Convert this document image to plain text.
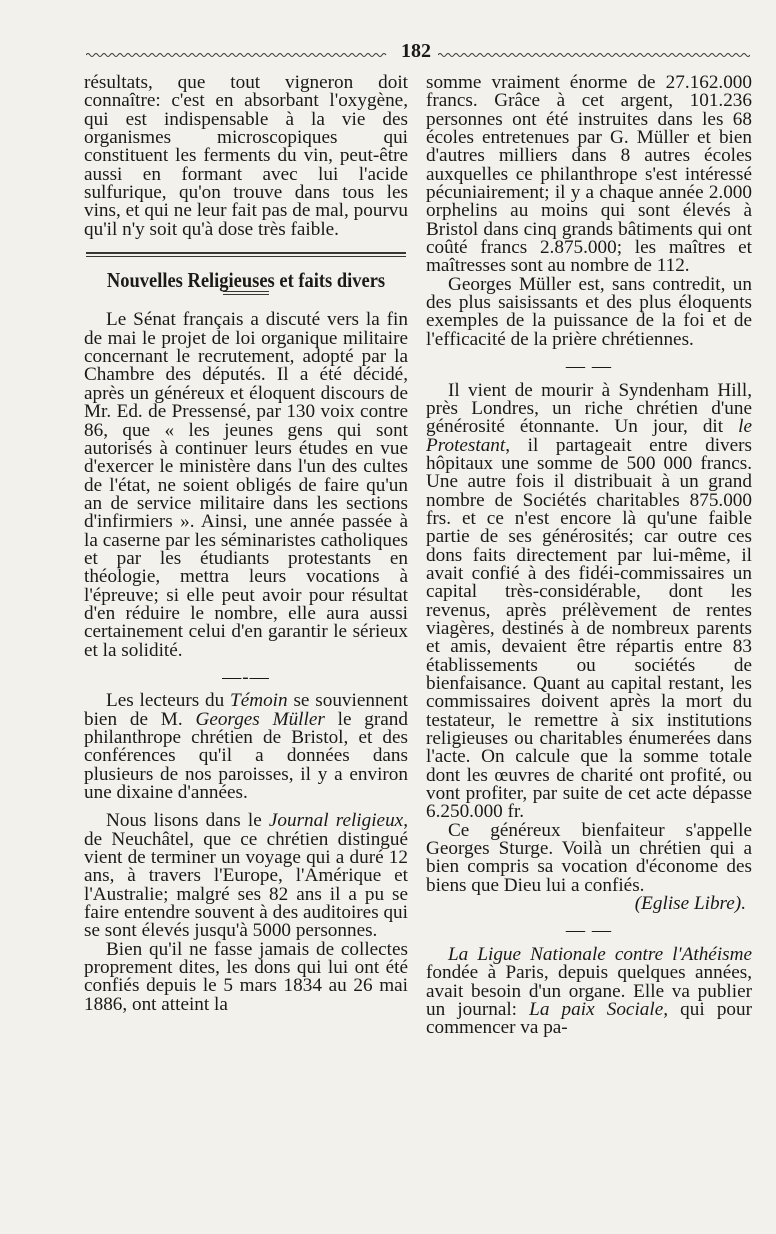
182

résultats, que tout vigneron doit connaître: c'est en absorbant l'oxygène, qui est indispensable à la vie des organismes microscopiques qui constituent les ferments du vin, peut-être aussi en formant avec lui l'acide sulfurique, qu'on trouve dans tous les vins, et qui ne leur fait pas de mal, pourvu qu'il n'y soit qu'à dose très faible.

Nouvelles Religieuses et faits divers

Le Sénat français a discuté vers la fin de mai le projet de loi organique militaire concernant le recrutement, adopté par la Chambre des députés. Il a été décidé, après un généreux et éloquent discours de Mr. Ed. de Pressensé, par 130 voix contre 86, que « les jeunes gens qui sont autorisés à continuer leurs études en vue d'exercer le ministère dans l'un des cultes de l'état, ne soient obligés de faire qu'un an de service militaire dans les sections d'infirmiers ». Ainsi, une année passée à la caserne par les séminaristes catholiques et par les étudiants protestants en théologie, mettra leurs vocations à l'épreuve; si elle peut avoir pour résultat d'en réduire le nombre, elle aura aussi certainement celui d'en garantir le sérieux et la solidité.

—-—

Les lecteurs du Témoin se souviennent bien de M. Georges Müller le grand philanthrope chrétien de Bristol, et des conférences qu'il a données dans plusieurs de nos paroisses, il y a environ une dixaine d'années.

Nous lisons dans le Journal religieux, de Neuchâtel, que ce chrétien distingué vient de terminer un voyage qui a duré 12 ans, à travers l'Europe, l'Amérique et l'Australie; malgré ses 82 ans il a pu se faire entendre souvent à des auditoires qui se sont élevés jusqu'à 5000 personnes.

Bien qu'il ne fasse jamais de collectes proprement dites, les dons qui lui ont été confiés depuis le 5 mars 1834 au 26 mai 1886, ont atteint la

somme vraiment énorme de 27.162.000 francs. Grâce à cet argent, 101.236 personnes ont été instruites dans les 68 écoles entretenues par G. Müller et bien d'autres milliers dans 8 autres écoles auxquelles ce philanthrope s'est intéressé pécuniairement; il y a chaque année 2.000 orphelins au moins qui sont élevés à Bristol dans cinq grands bâtiments qui ont coûté francs 2.875.000; les maîtres et maîtresses sont au nombre de 112.

Georges Müller est, sans contredit, un des plus saisissants et des plus éloquents exemples de la puissance de la foi et de l'efficacité de la prière chrétiennes.

— —

Il vient de mourir à Syndenham Hill, près Londres, un riche chrétien d'une générosité étonnante. Un jour, dit le Protestant, il partageait entre divers hôpitaux une somme de 500 000 francs. Une autre fois il distribuait à un grand nombre de Sociétés charitables 875.000 frs. et ce n'est encore là qu'une faible partie de ses générosités; car outre ces dons faits directement par lui-même, il avait confié à des fidéi-commissaires un capital très-considérable, dont les revenus, après prélèvement de rentes viagères, destinés à de nombreux parents et amis, devaient être répartis entre 83 établissements ou sociétés de bienfaisance. Quant au capital restant, les commissaires doivent après la mort du testateur, le remettre à six institutions religieuses ou charitables énumerées dans l'acte. On calcule que la somme totale dont les œuvres de charité ont profité, ou vont profiter, par suite de cet acte dépasse 6.250.000 fr.

Ce généreux bienfaiteur s'appelle Georges Sturge. Voilà un chrétien qui a bien compris sa vocation d'économe des biens que Dieu lui a confiés.

(Eglise Libre).
— —

La Ligue Nationale contre l'Athéisme fondée à Paris, depuis quelques années, avait besoin d'un organe. Elle va publier un journal: La paix Sociale, qui pour commencer va pa-
